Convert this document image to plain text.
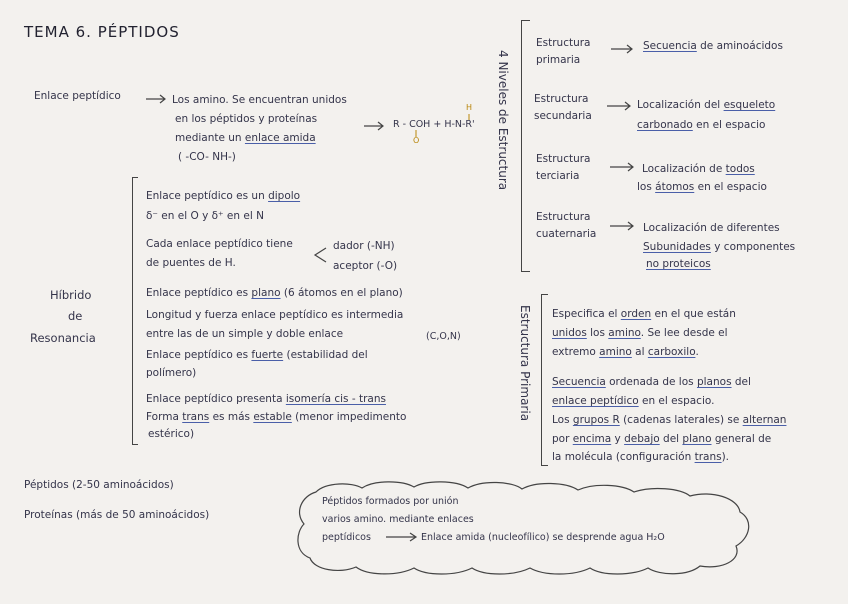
TEMA 6. PÉPTIDOS
Enlace peptídico	Los amino. Se encuentran unidos
en los péptidos y proteínas
mediante un enlace amida
( -CO- NH-)
R - COH + H-N-R'
H
O
Híbrido
de
Resonancia
Enlace peptídico es un dipolo
δ⁻ en el O y δ⁺ en el N
Cada enlace peptídico tiene
de puentes de H.
dador (-NH)
aceptor (-O)
Enlace peptídico es plano (6 átomos en el plano)
Longitud y fuerza enlace peptídico es intermedia
entre las de un simple y doble enlace	(C,O,N)
Enlace peptídico es fuerte (estabilidad del
polímero)
Enlace peptídico presenta isomería cis - trans
Forma trans es más estable (menor impedimento
estérico)
Péptidos (2-50 aminoácidos)
Proteínas (más de 50 aminoácidos)
Péptidos formados por unión
varios amino. mediante enlaces
peptídicos	Enlace amida (nucleofílico) se desprende agua H₂O
4 Niveles de Estructura
Estructura
primaria
Secuencia de aminoácidos
Estructura
secundaria
Localización del esqueleto
carbonado en el espacio
Estructura
terciaria
Localización de todos
los átomos en el espacio
Estructura
cuaternaria	Localización de diferentes
Subunidades y componentes
no proteicos
Estructura Primaria Especifica el orden en el que están
unidos los amino. Se lee desde el
extremo amino al carboxilo.
Secuencia ordenada de los planos del
enlace peptídico en el espacio.
Los grupos R (cadenas laterales) se alternan
por encima y debajo del plano general de
la molécula (configuración trans).
